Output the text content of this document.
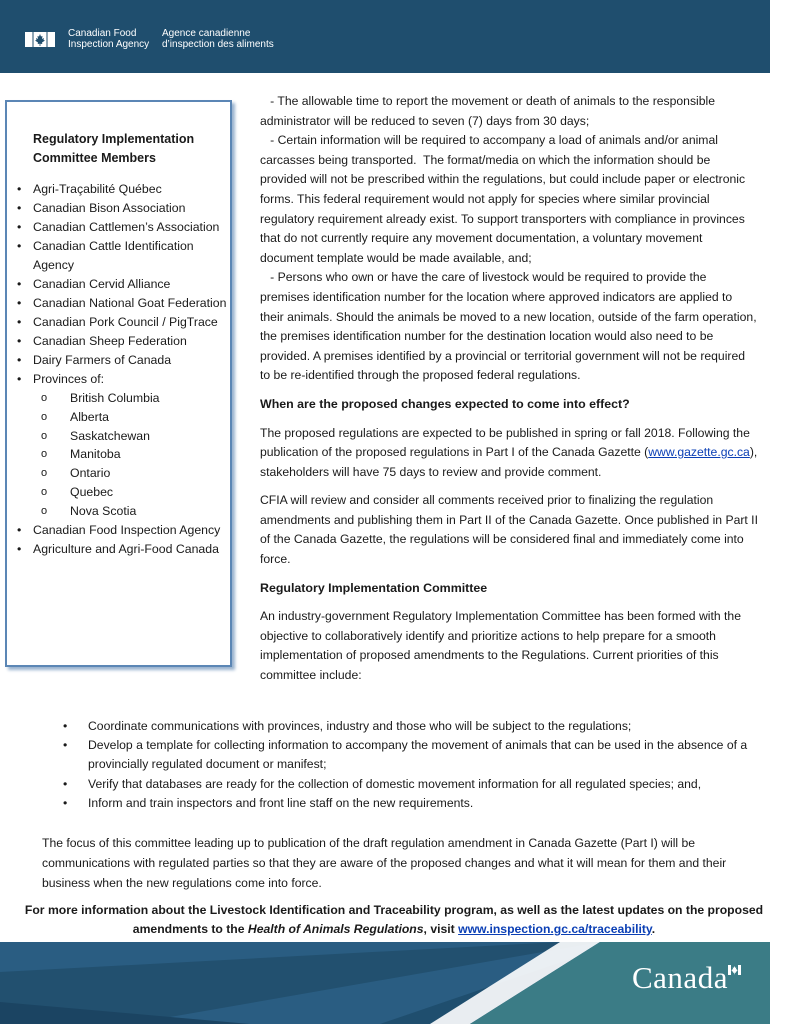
Canadian Food
Inspection Agency
Agence canadienne
d’inspection des aliments
Regulatory Implementation
Committee Members
• Agri-Traçabilité Québec
• Canadian Bison Association
• Canadian Cattlemen’s Association
• Canadian Cattle Identification Agency
• Canadian Cervid Alliance
• Canadian National Goat Federation
• Canadian Pork Council / PigTrace
• Canadian Sheep Federation
• Dairy Farmers of Canada
• Provinces of:
o British Columbia
o Alberta
o Saskatchewan
o Manitoba
o Ontario
o Quebec
o Nova Scotia
• Canadian Food Inspection Agency
• Agriculture and Agri-Food Canada

- The allowable time to report the movement or death of animals to the responsible administrator will be reduced to seven (7) days from 30 days;

- Certain information will be required to accompany a load of animals and/or animal carcasses being transported.  The format/media on which the information should be provided will not be prescribed within the regulations, but could include paper or electronic forms. This federal requirement would not apply for species where similar provincial regulatory requirement already exist. To support transporters with compliance in provinces that do not currently require any movement documentation, a voluntary movement document template would be made available, and;

- Persons who own or have the care of livestock would be required to provide the premises identification number for the location where approved indicators are applied to their animals. Should the animals be moved to a new location, outside of the farm operation, the premises identification number for the destination location would also need to be provided. A premises identified by a provincial or territorial government will not be required to be re-identified through the proposed federal regulations.

When are the proposed changes expected to come into effect?

The proposed regulations are expected to be published in spring or fall 2018. Following the publication of the proposed regulations in Part I of the Canada Gazette (www.gazette.gc.ca), stakeholders will have 75 days to review and provide comment.

CFIA will review and consider all comments received prior to finalizing the regulation amendments and publishing them in Part II of the Canada Gazette. Once published in Part II of the Canada Gazette, the regulations will be considered final and immediately come into force.

Regulatory Implementation Committee

An industry-government Regulatory Implementation Committee has been formed with the objective to collaboratively identify and prioritize actions to help prepare for a smooth implementation of proposed amendments to the Regulations. Current priorities of this committee include:

• Coordinate communications with provinces, industry and those who will be subject to the regulations;
• Develop a template for collecting information to accompany the movement of animals that can be used in the absence of a provincially regulated document or manifest;
• Verify that databases are ready for the collection of domestic movement information for all regulated species; and,
• Inform and train inspectors and front line staff on the new requirements.

The focus of this committee leading up to publication of the draft regulation amendment in Canada Gazette (Part I) will be communications with regulated parties so that they are aware of the proposed changes and what it will mean for them and their business when the new regulations come into force.

For more information about the Livestock Identification and Traceability program, as well as the latest updates on the proposed amendments to the Health of Animals Regulations, visit www.inspection.gc.ca/traceability.

Canada
